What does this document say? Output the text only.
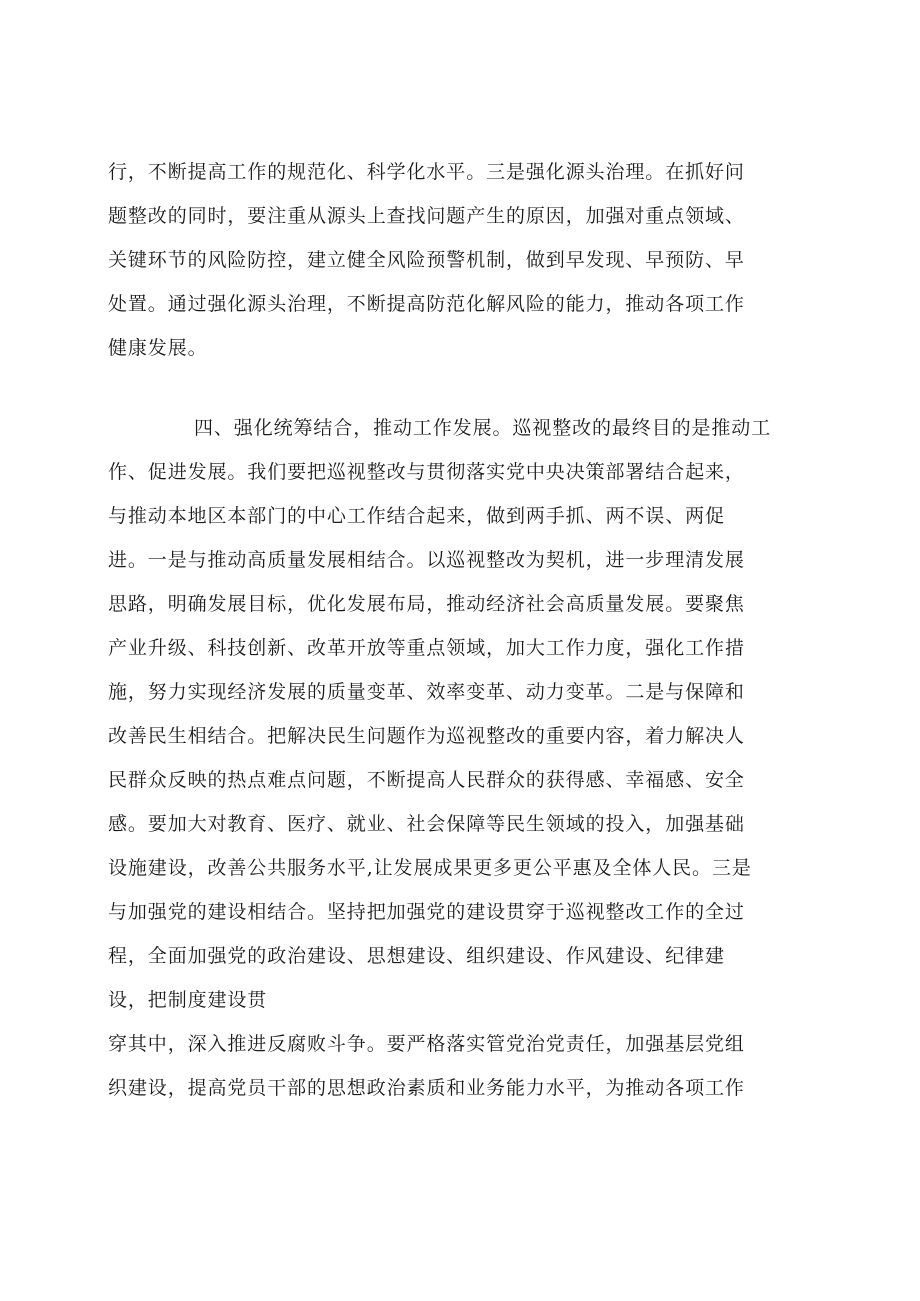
行，不断提高工作的规范化、科学化水平。三是强化源头治理。在抓好问

题整改的同时，要注重从源头上查找问题产生的原因，加强对重点领域、

关键环节的风险防控，建立健全风险预警机制，做到早发现、早预防、早

处置。通过强化源头治理，不断提高防范化解风险的能力，推动各项工作

健康发展。

四、强化统筹结合，推动工作发展。巡视整改的最终目的是推动工

作、促进发展。我们要把巡视整改与贯彻落实党中央决策部署结合起来，

与推动本地区本部门的中心工作结合起来，做到两手抓、两不误、两促

进。一是与推动高质量发展相结合。以巡视整改为契机，进一步理清发展

思路，明确发展目标，优化发展布局，推动经济社会高质量发展。要聚焦

产业升级、科技创新、改革开放等重点领域，加大工作力度，强化工作措

施，努力实现经济发展的质量变革、效率变革、动力变革。二是与保障和

改善民生相结合。把解决民生问题作为巡视整改的重要内容，着力解决人

民群众反映的热点难点问题，不断提高人民群众的获得感、幸福感、安全

感。要加大对教育、医疗、就业、社会保障等民生领域的投入，加强基础

设施建设，改善公共服务水平,让发展成果更多更公平惠及全体人民。三是

与加强党的建设相结合。坚持把加强党的建设贯穿于巡视整改工作的全过

程，全面加强党的政治建设、思想建设、组织建设、作风建设、纪律建

设，把制度建设贯

穿其中，深入推进反腐败斗争。要严格落实管党治党责任，加强基层党组

织建设，提高党员干部的思想政治素质和业务能力水平，为推动各项工作
